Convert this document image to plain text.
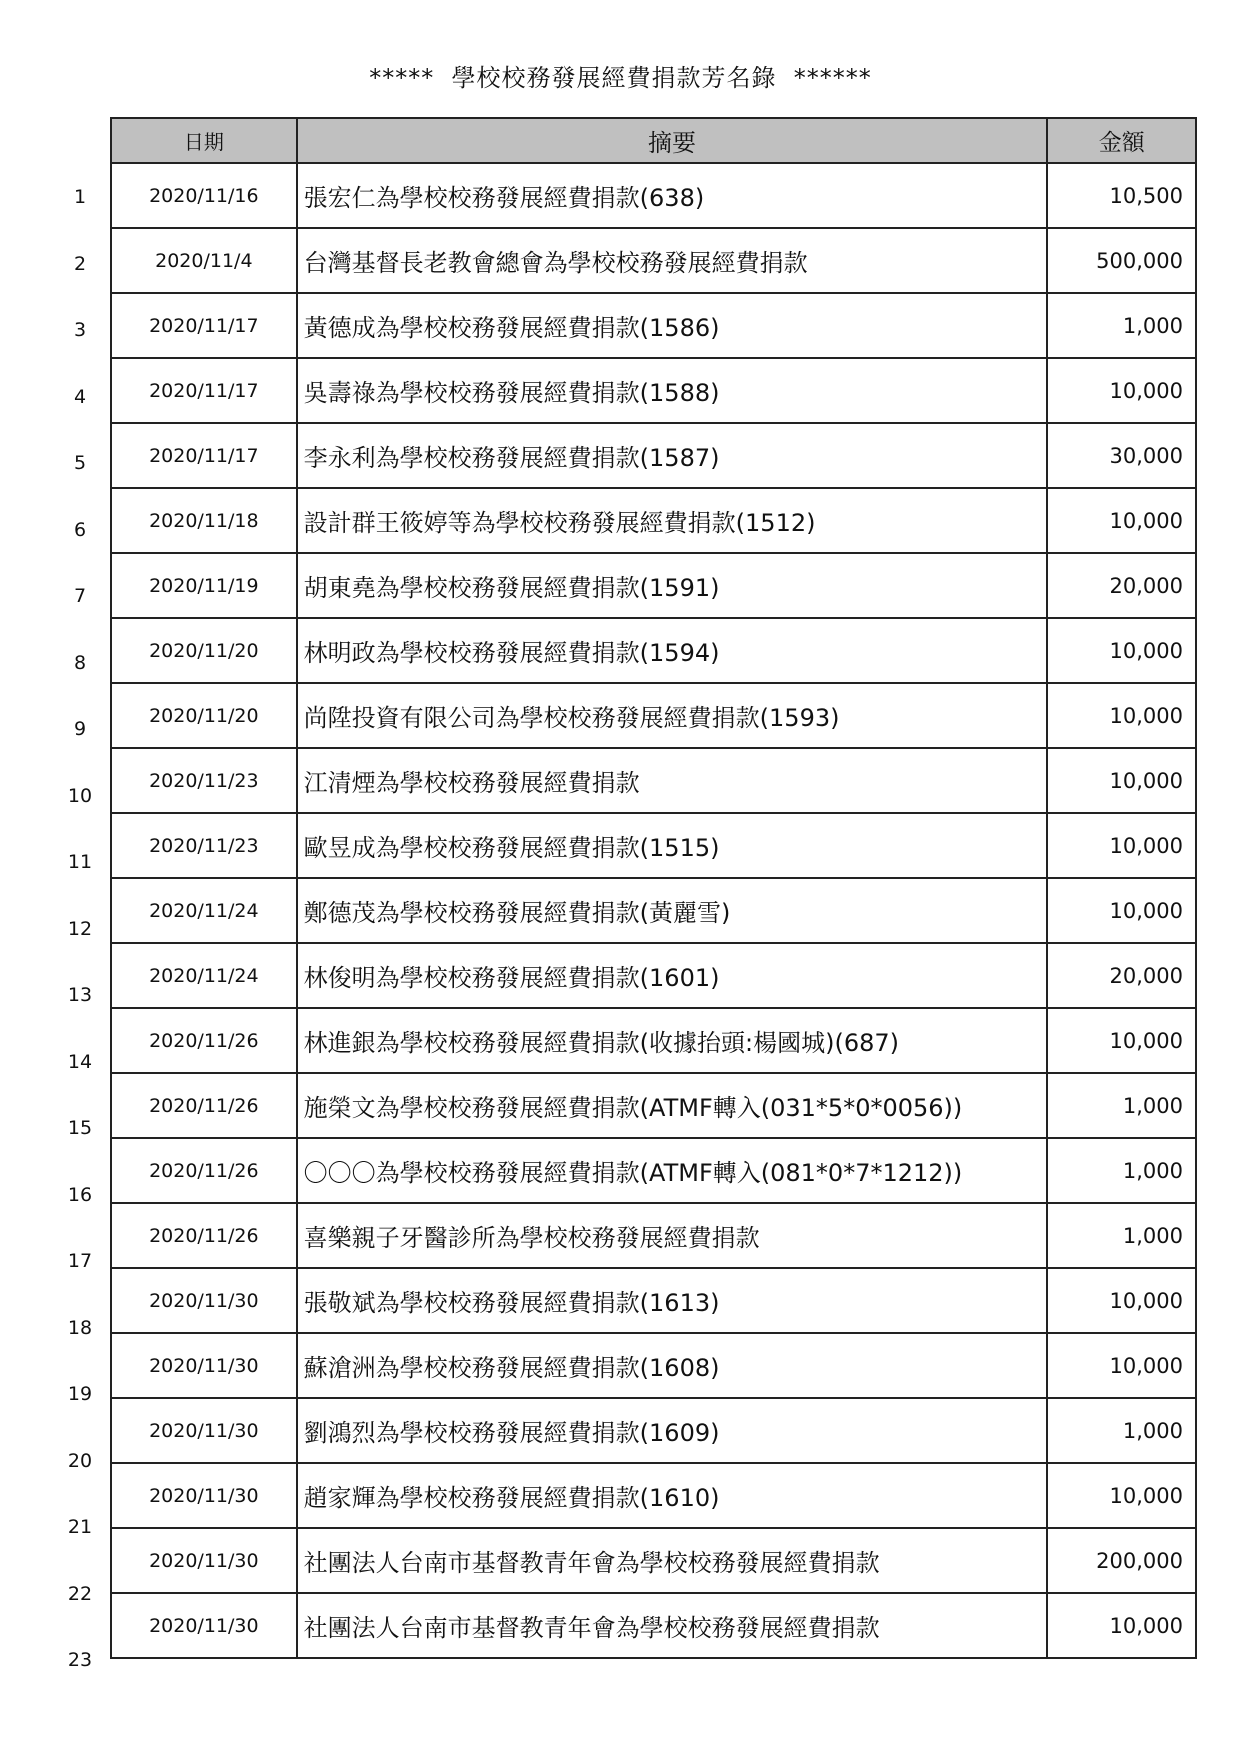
*****  學校校務發展經費捐款芳名錄  ******
1
2
3
4
5
6
7
8
9
10
11
12
13
14
15
16
17
18
19
20
21
22
23
日期	摘要	金額
2020/11/16	張宏仁為學校校務發展經費捐款(638)	10,500
2020/11/4	台灣基督長老教會總會為學校校務發展經費捐款	500,000
2020/11/17	黃德成為學校校務發展經費捐款(1586)	1,000
2020/11/17	吳壽祿為學校校務發展經費捐款(1588)	10,000
2020/11/17	李永利為學校校務發展經費捐款(1587)	30,000
2020/11/18	設計群王筱婷等為學校校務發展經費捐款(1512)	10,000
2020/11/19	胡東堯為學校校務發展經費捐款(1591)	20,000
2020/11/20	林明政為學校校務發展經費捐款(1594)	10,000
2020/11/20	尚陞投資有限公司為學校校務發展經費捐款(1593)	10,000
2020/11/23	江清煙為學校校務發展經費捐款	10,000
2020/11/23	歐昱成為學校校務發展經費捐款(1515)	10,000
2020/11/24	鄭德茂為學校校務發展經費捐款(黃麗雪)	10,000
2020/11/24	林俊明為學校校務發展經費捐款(1601)	20,000
2020/11/26	林進銀為學校校務發展經費捐款(收據抬頭:楊國城)(687)	10,000
2020/11/26	施榮文為學校校務發展經費捐款(ATMF轉入(031*5*0*0056))	1,000
2020/11/26	〇〇〇為學校校務發展經費捐款(ATMF轉入(081*0*7*1212))	1,000
2020/11/26	喜樂親子牙醫診所為學校校務發展經費捐款	1,000
2020/11/30	張敬斌為學校校務發展經費捐款(1613)	10,000
2020/11/30	蘇滄洲為學校校務發展經費捐款(1608)	10,000
2020/11/30	劉鴻烈為學校校務發展經費捐款(1609)	1,000
2020/11/30	趙家輝為學校校務發展經費捐款(1610)	10,000
2020/11/30	社團法人台南市基督教青年會為學校校務發展經費捐款	200,000
2020/11/30	社團法人台南市基督教青年會為學校校務發展經費捐款	10,000
